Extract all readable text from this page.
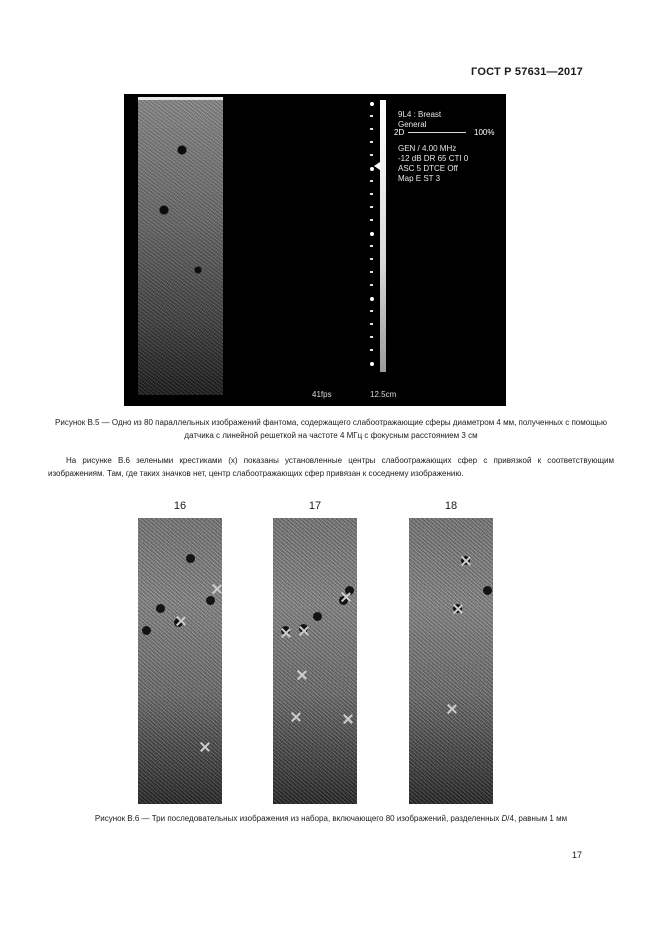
ГОСТ Р 57631—2017
9L4 : Breast
General
GEN / 4.00 MHz
-12 dB DR 65 CTI 0
ASC 5 DTCE Off
Map E ST 3
2D	100%
41fps	12.5cm
Рисунок В.5 — Одно из 80 параллельных изображений фантома, содержащего слабоотражающие сферы диаметром 4 мм, полученных с помощью датчика с линейной решеткой на частоте 4 МГц с фокусным расстоянием 3 см
На рисунке В.6 зелеными крестиками (x) показаны установленные центры слабоотражающих сфер с привязкой к соответствующим изображениям. Там, где таких значков нет, центр слабоотражающих сфер привязан к соседнему изображению.
16	17	18
Рисунок В.6 — Три последовательных изображения из набора, включающего 80 изображений, разделенных D/4, равным 1 мм
17
